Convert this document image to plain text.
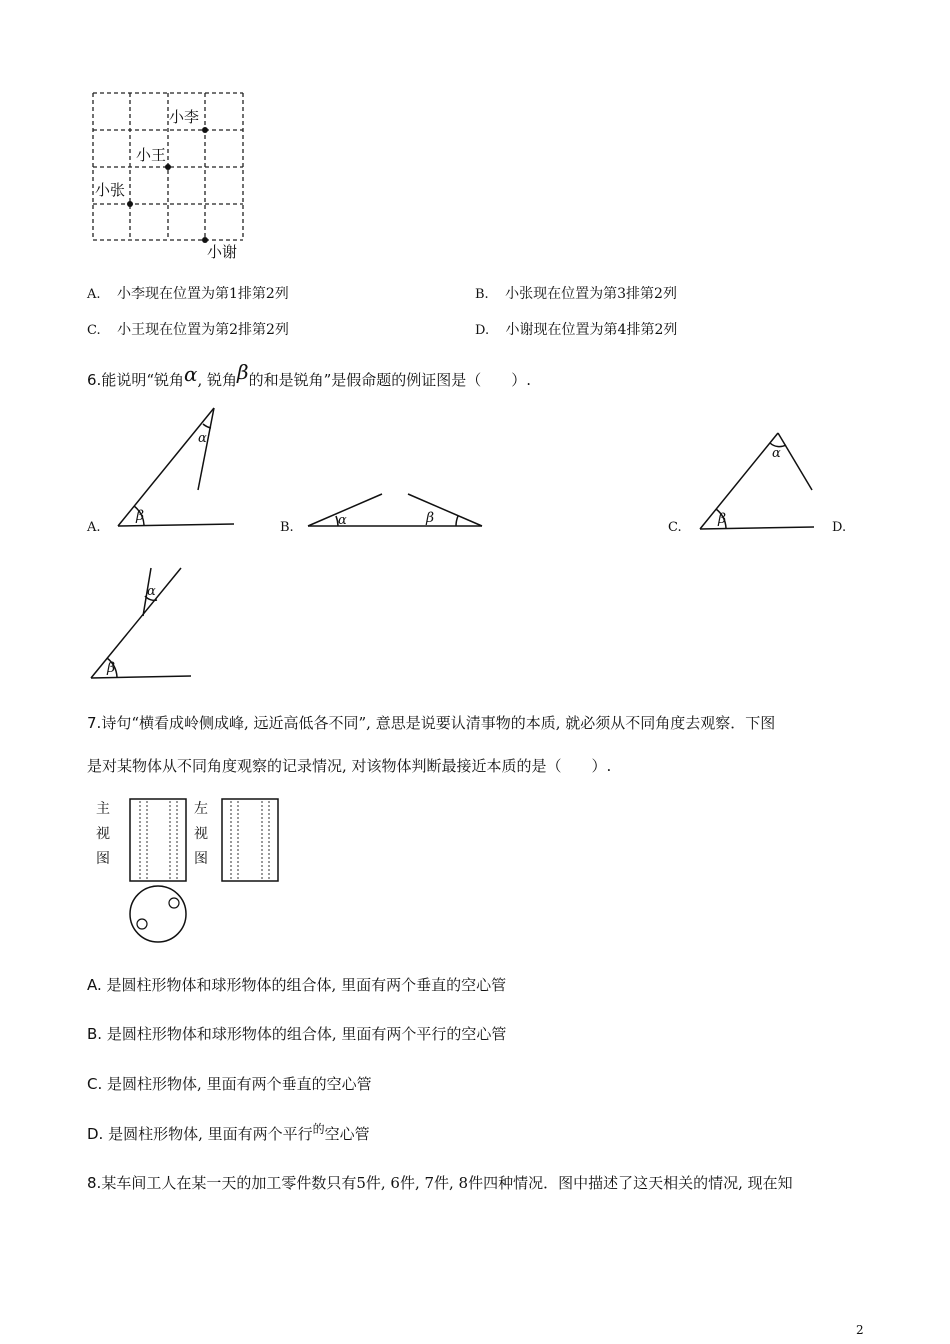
小李
小王
小张
小谢
A. 小李现在位置为第1排第2列	B. 小张现在位置为第3排第2列
C. 小王现在位置为第2排第2列	D. 小谢现在位置为第4排第2列
6.能说明“锐角α, 锐角β的和是锐角”是假命题的例证图是（　　）.
A.	B.	C.	D.
α
β	α	β
α
β
α
β
7.诗句“横看成岭侧成峰, 远近高低各不同”, 意思是说要认清事物的本质, 就必须从不同角度去观察．下图
是对某物体从不同角度观察的记录情况, 对该物体判断最接近本质的是（　　）.
主
视
图
左
视
图
A. 是圆柱形物体和球形物体的组合体, 里面有两个垂直的空心管
B. 是圆柱形物体和球形物体的组合体, 里面有两个平行的空心管
C. 是圆柱形物体, 里面有两个垂直的空心管
D. 是圆柱形物体, 里面有两个平行$^的$空心管
8.某车间工人在某一天的加工零件数只有5件, 6件, 7件, 8件四种情况．图中描述了这天相关的情况, 现在知
2
